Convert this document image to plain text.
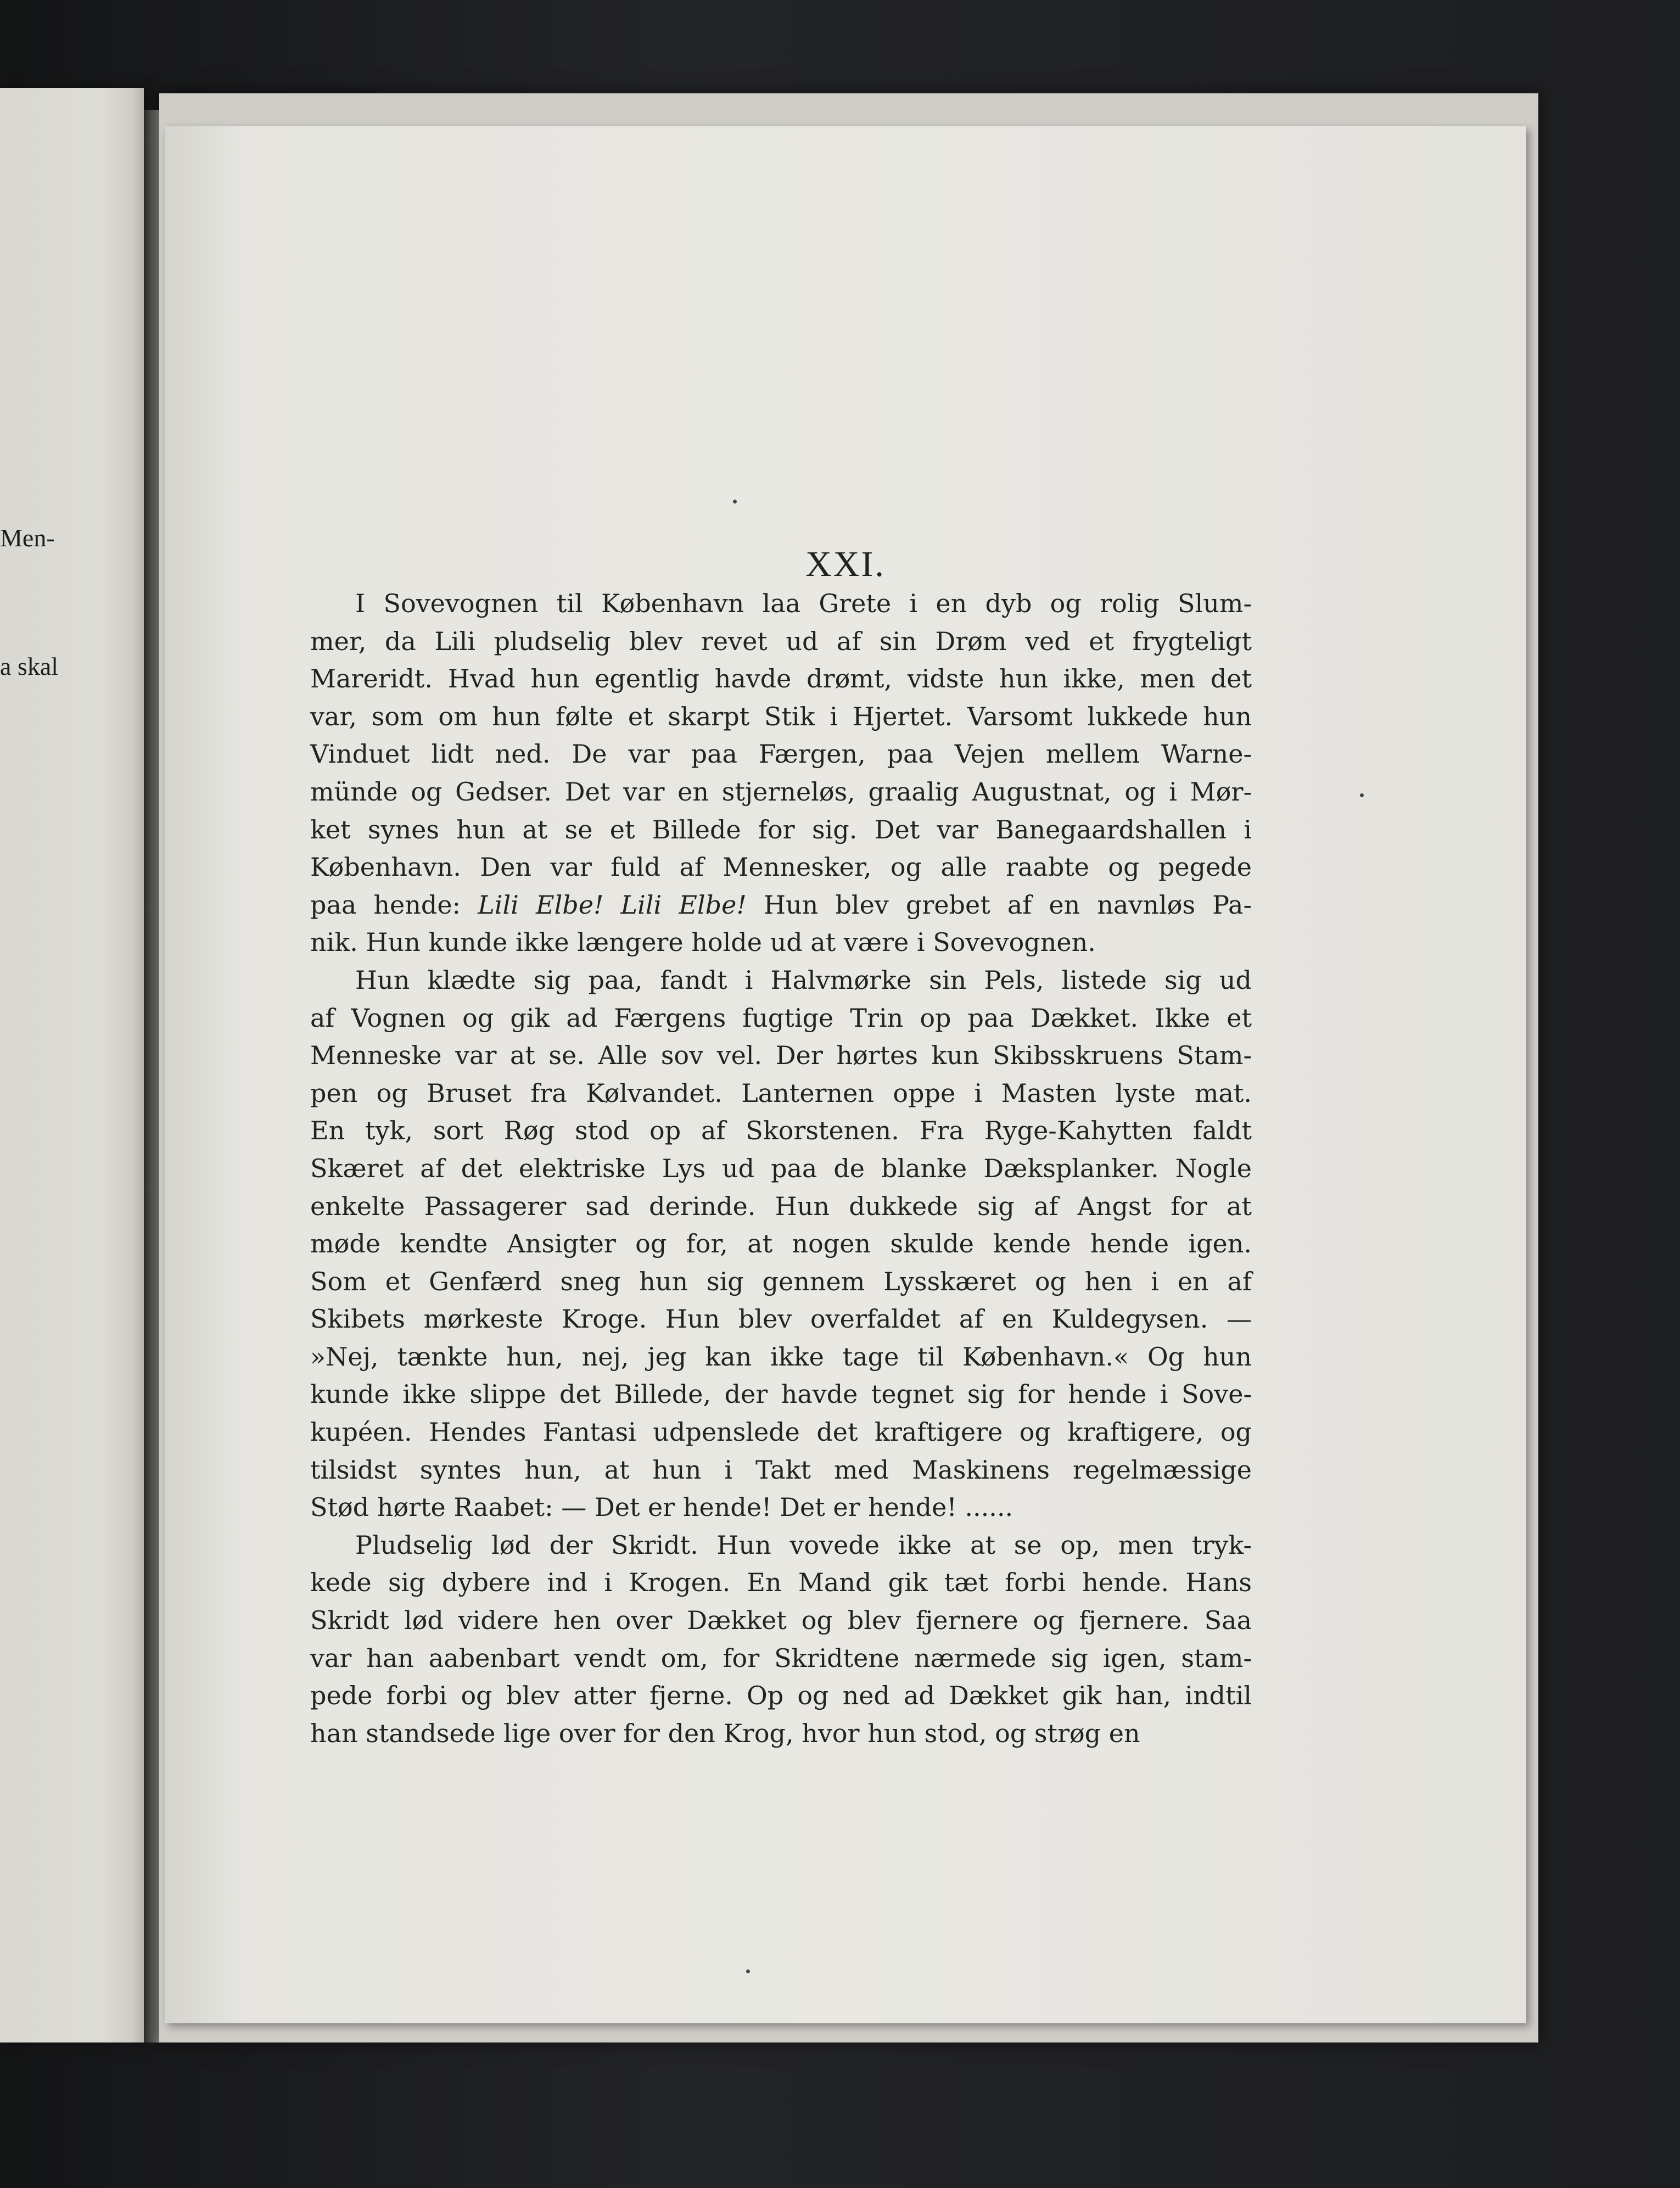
Men-

a skal

XXI.
I Sovevognen til København laa Grete i en dyb og rolig Slum-
mer, da Lili pludselig blev revet ud af sin Drøm ved et frygteligt
Mareridt. Hvad hun egentlig havde drømt, vidste hun ikke, men det
var, som om hun følte et skarpt Stik i Hjertet. Varsomt lukkede hun
Vinduet lidt ned. De var paa Færgen, paa Vejen mellem Warne-
münde og Gedser. Det var en stjerneløs, graalig Augustnat, og i Mør-
ket synes hun at se et Billede for sig. Det var Banegaardshallen i
København. Den var fuld af Mennesker, og alle raabte og pegede
paa hende: Lili Elbe! Lili Elbe! Hun blev grebet af en navnløs Pa-
nik. Hun kunde ikke længere holde ud at være i Sovevognen.
Hun klædte sig paa, fandt i Halvmørke sin Pels, listede sig ud
af Vognen og gik ad Færgens fugtige Trin op paa Dækket. Ikke et
Menneske var at se. Alle sov vel. Der hørtes kun Skibsskruens Stam-
pen og Bruset fra Kølvandet. Lanternen oppe i Masten lyste mat.
En tyk, sort Røg stod op af Skorstenen. Fra Ryge-Kahytten faldt
Skæret af det elektriske Lys ud paa de blanke Dæksplanker. Nogle
enkelte Passagerer sad derinde. Hun dukkede sig af Angst for at
møde kendte Ansigter og for, at nogen skulde kende hende igen.
Som et Genfærd sneg hun sig gennem Lysskæret og hen i en af
Skibets mørkeste Kroge. Hun blev overfaldet af en Kuldegysen. —
»Nej, tænkte hun, nej, jeg kan ikke tage til København.« Og hun
kunde ikke slippe det Billede, der havde tegnet sig for hende i Sove-
kupéen. Hendes Fantasi udpenslede det kraftigere og kraftigere, og
tilsidst syntes hun, at hun i Takt med Maskinens regelmæssige
Stød hørte Raabet: — Det er hende! Det er hende! ......
Pludselig lød der Skridt. Hun vovede ikke at se op, men tryk-
kede sig dybere ind i Krogen. En Mand gik tæt forbi hende. Hans
Skridt lød videre hen over Dækket og blev fjernere og fjernere. Saa
var han aabenbart vendt om, for Skridtene nærmede sig igen, stam-
pede forbi og blev atter fjerne. Op og ned ad Dækket gik han, indtil
han standsede lige over for den Krog, hvor hun stod, og strøg en
